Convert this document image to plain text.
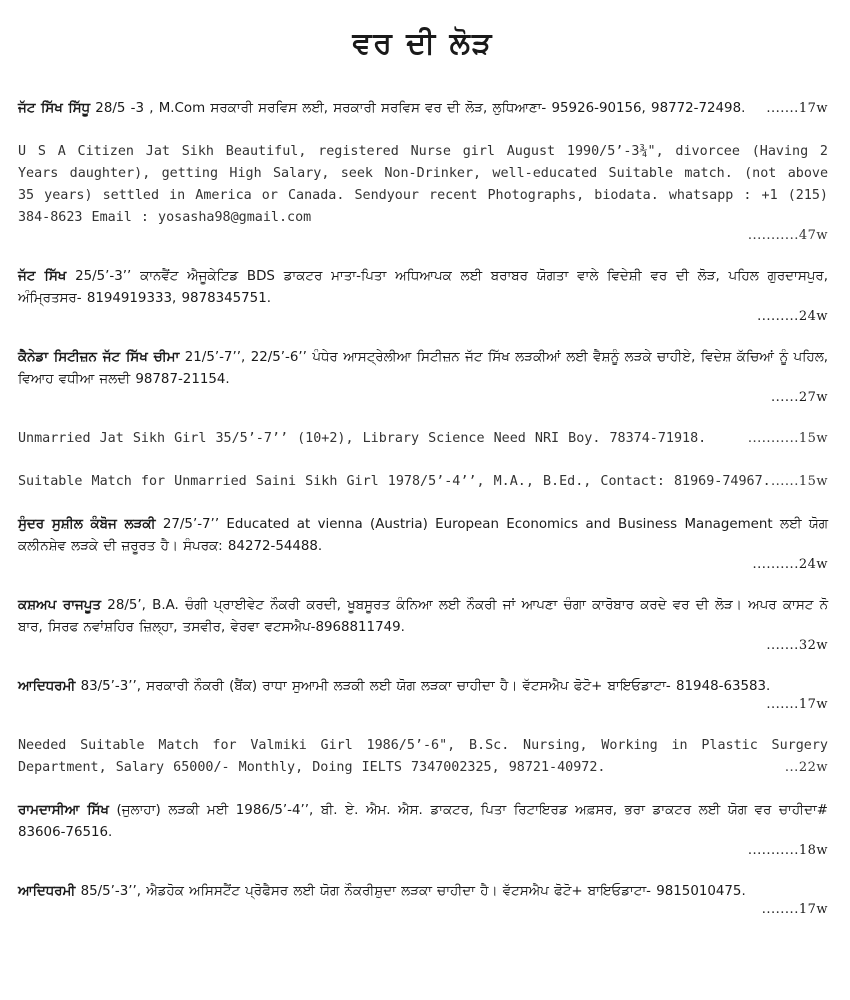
ਵਰ ਦੀ ਲੋੜ
ਜੱਟ ਸਿੱਖ ਸਿੱਧੂ 28/5 -3 , M.Com ਸਰਕਾਰੀ ਸਰਵਿਸ ਲਈ, ਸਰਕਾਰੀ ਸਰਵਿਸ ਵਰ ਦੀ ਲੋੜ, ਲੁਧਿਆਣਾ- 95926-90156, 98772-72498. .......17w
U S A Citizen Jat Sikh Beautiful, registered Nurse girl August 1990/5’-3¾", divorcee (Having 2 Years daughter), getting High Salary, seek Non-Drinker, well-educated Suitable match. (not above 35 years) settled in America or Canada. Sendyour recent Photographs, biodata. whatsapp : +1 (215) 384-8623 Email : yosasha98@gmail.com
...........47w
ਜੱਟ ਸਿੱਖ 25/5’-3’’ ਕਾਨਵੈਂਟ ਐਜੂਕੇਟਿਡ BDS ਡਾਕਟਰ ਮਾਤਾ-ਪਿਤਾ ਅਧਿਆਪਕ ਲਈ ਬਰਾਬਰ ਯੋਗਤਾ ਵਾਲੇ ਵਿਦੇਸ਼ੀ ਵਰ ਦੀ ਲੋੜ, ਪਹਿਲ ਗੁਰਦਾਸਪੁਰ, ਅੰਮ੍ਰਿਤਸਰ- 8194919333, 9878345751.
.........24w
ਕੈਨੇਡਾ ਸਿਟੀਜ਼ਨ ਜੱਟ ਸਿੱਖ ਚੀਮਾ 21/5’-7’’, 22/5’-6’’ ਪੰਧੇਰ ਆਸਟ੍ਰੇਲੀਆ ਸਿਟੀਜ਼ਨ ਜੱਟ ਸਿੱਖ ਲੜਕੀਆਂ ਲਈ ਵੈਸ਼ਨੂੰ ਲੜਕੇ ਚਾਹੀਏ, ਵਿਦੇਸ਼ ਕੱਚਿਆਂ ਨੂੰ ਪਹਿਲ, ਵਿਆਹ ਵਧੀਆ ਜਲਦੀ 98787-21154.
......27w
Unmarried Jat Sikh Girl 35/5’-7’’ (10+2), Library Science Need NRI Boy. 78374-71918.	...........15w
Suitable Match for Unmarried Saini Sikh Girl 1978/5’-4’’, M.A., B.Ed., Contact: 81969-74967. ......15w
ਸੁੰਦਰ ਸੁਸ਼ੀਲ ਕੰਬੋਜ ਲੜਕੀ 27/5’-7’’ Educated at vienna (Austria) European Economics and Business Management ਲਈ ਯੋਗ ਕਲੀਨਸ਼ੇਵ ਲੜਕੇ ਦੀ ਜ਼ਰੂਰਤ ਹੈ। ਸੰਪਰਕ: 84272-54488.
..........24w
ਕਸ਼ਅਪ ਰਾਜਪੂਤ 28/5’, B.A. ਚੰਗੀ ਪ੍ਰਾਈਵੇਟ ਨੌਕਰੀ ਕਰਦੀ, ਖੂਬਸੂਰਤ ਕੰਨਿਆ ਲਈ ਨੌਕਰੀ ਜਾਂ ਆਪਣਾ ਚੰਗਾ ਕਾਰੋਬਾਰ ਕਰਦੇ ਵਰ ਦੀ ਲੋੜ। ਅਪਰ ਕਾਸਟ ਨੋ ਬਾਰ, ਸਿਰਫ ਨਵਾਂਸ਼ਹਿਰ ਜ਼ਿਲ੍ਹਾ, ਤਸਵੀਰ, ਵੇਰਵਾ ਵਟਸਐਪ-8968811749.
.......32w
ਆਦਿਧਰਮੀ 83/5’-3’’, ਸਰਕਾਰੀ ਨੌਕਰੀ (ਬੈਂਕ) ਰਾਧਾ ਸੁਆਮੀ ਲੜਕੀ ਲਈ ਯੋਗ ਲੜਕਾ ਚਾਹੀਦਾ ਹੈ। ਵੱਟਸਐਪ ਫੋਟੋ+ ਬਾਇਓਡਾਟਾ- 81948-63583.
.......17w
Needed Suitable Match for Valmiki Girl 1986/5’-6", B.Sc. Nursing, Working in Plastic Surgery Department, Salary 65000/- Monthly, Doing IELTS 7347002325, 98721-40972.	...22w
ਰਾਮਦਾਸੀਆ ਸਿੱਖ (ਜੁਲਾਹਾ) ਲੜਕੀ ਮਈ 1986/5’-4’’, ਬੀ. ਏ. ਐਮ. ਐਸ. ਡਾਕਟਰ, ਪਿਤਾ ਰਿਟਾਇਰਡ ਅਫ਼ਸਰ, ਭਰਾ ਡਾਕਟਰ ਲਈ ਯੋਗ ਵਰ ਚਾਹੀਦਾ# 83606-76516.
...........18w
ਆਦਿਧਰਮੀ 85/5’-3’’, ਐਡਹੋਕ ਅਸਿਸਟੈਂਟ ਪ੍ਰੋਫੈਸਰ ਲਈ ਯੋਗ ਨੌਕਰੀਸ਼ੁਦਾ ਲੜਕਾ ਚਾਹੀਦਾ ਹੈ। ਵੱਟਸਐਪ ਫੋਟੋ+ ਬਾਇਓਡਾਟਾ- 9815010475.
........17w
